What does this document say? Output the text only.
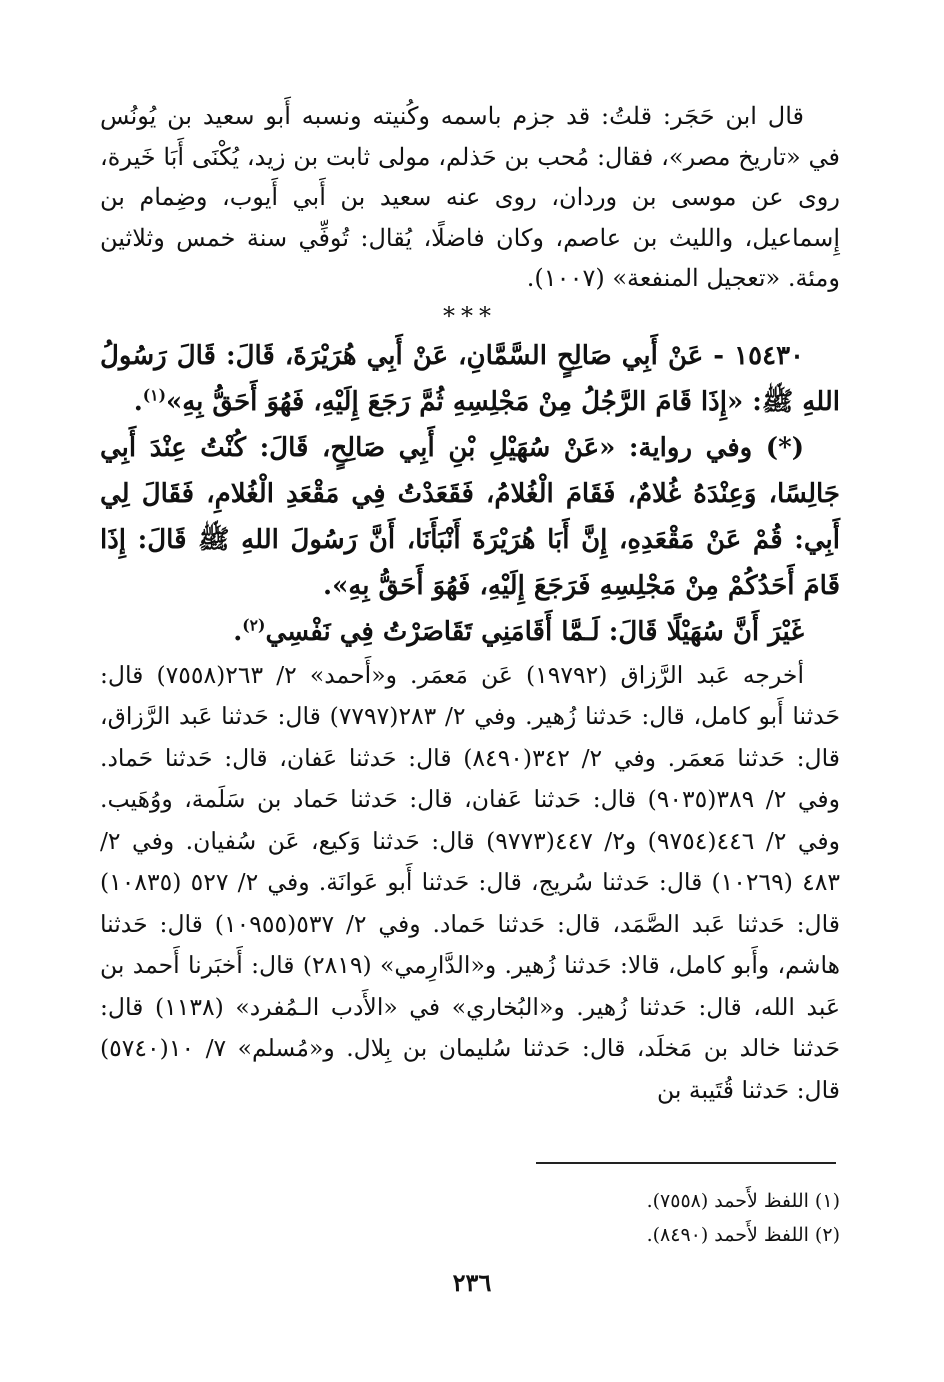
قال ابن حَجَر: قلتُ: قد جزم باسمه وكُنيته ونسبه أَبو سعيد بن يُونُس في «تاريخ مصر»، فقال: مُحب بن حَذلم، مولى ثابت بن زيد، يُكْنَى أَبَا خَيرة، روى عن موسى بن وردان، روى عنه سعيد بن أَبي أَيوب، وضِمام بن إِسماعيل، والليث بن عاصم، وكان فاضلًا، يُقال: تُوفِّي سنة خمس وثلاثين ومئة. «تعجيل المنفعة» (١٠٠٧).

***

١٥٤٣٠ - عَنْ أَبِي صَالِحٍ السَّمَّانِ، عَنْ أَبِي هُرَيْرَةَ، قَالَ: قَالَ رَسُولُ اللهِ ﷺ: «إِذَا قَامَ الرَّجُلُ مِنْ مَجْلِسِهِ ثُمَّ رَجَعَ إِلَيْهِ، فَهُوَ أَحَقُّ بِهِ»$^{(١)}$.

(*) وفي رواية: «عَنْ سُهَيْلِ بْنِ أَبِي صَالِحٍ، قَالَ: كُنْتُ عِنْدَ أَبِي جَالِسًا، وَعِنْدَهُ غُلامٌ، فَقَامَ الْغُلامُ، فَقَعَدْتُ فِي مَقْعَدِ الْغُلامِ، فَقَالَ لِي أَبِي: قُمْ عَنْ مَقْعَدِهِ، إِنَّ أَبَا هُرَيْرَةَ أَنْبَأَنَا، أَنَّ رَسُولَ اللهِ ﷺ قَالَ: إِذَا قَامَ أَحَدُكُمْ مِنْ مَجْلِسِهِ فَرَجَعَ إِلَيْهِ، فَهُوَ أَحَقُّ بِهِ».

غَيْرَ أَنَّ سُهَيْلًا قَالَ: لَـمَّا أَقَامَنِي تَقَاصَرْتُ فِي نَفْسِي$^{(٢)}$.

أخرجه عَبد الرَّزاق (١٩٧٩٢) عَن مَعمَر. و«أَحمد» ٢/ ٢٦٣(٧٥٥٨) قال: حَدثنا أَبو كامل، قال: حَدثنا زُهير. وفي ٢/ ٢٨٣(٧٧٩٧) قال: حَدثنا عَبد الرَّزاق، قال: حَدثنا مَعمَر. وفي ٢/ ٣٤٢(٨٤٩٠) قال: حَدثنا عَفان، قال: حَدثنا حَماد. وفي ٢/ ٣٨٩(٩٠٣٥) قال: حَدثنا عَفان، قال: حَدثنا حَماد بن سَلَمة، ووُهَيب. وفي ٢/ ٤٤٦(٩٧٥٤) و٢/ ٤٤٧(٩٧٧٣) قال: حَدثنا وَكيع، عَن سُفيان. وفي ٢/ ٤٨٣ (١٠٢٦٩) قال: حَدثنا سُريج، قال: حَدثنا أَبو عَوانَة. وفي ٢/ ٥٢٧ (١٠٨٣٥) قال: حَدثنا عَبد الصَّمَد، قال: حَدثنا حَماد. وفي ٢/ ٥٣٧(١٠٩٥٥) قال: حَدثنا هاشم، وأَبو كامل، قالا: حَدثنا زُهير. و«الدَّارِمي» (٢٨١٩) قال: أَخبَرنا أَحمد بن عَبد الله، قال: حَدثنا زُهير. و«البُخاري» في «الأَدب الـمُفرد» (١١٣٨) قال: حَدثنا خالد بن مَخلَد، قال: حَدثنا سُليمان بن بِلال. و«مُسلم» ٧/ ١٠(٥٧٤٠) قال: حَدثنا قُتَيبة بن

(١) اللفظ لأَحمد (٧٥٥٨).

(٢) اللفظ لأَحمد (٨٤٩٠).

٢٣٦
